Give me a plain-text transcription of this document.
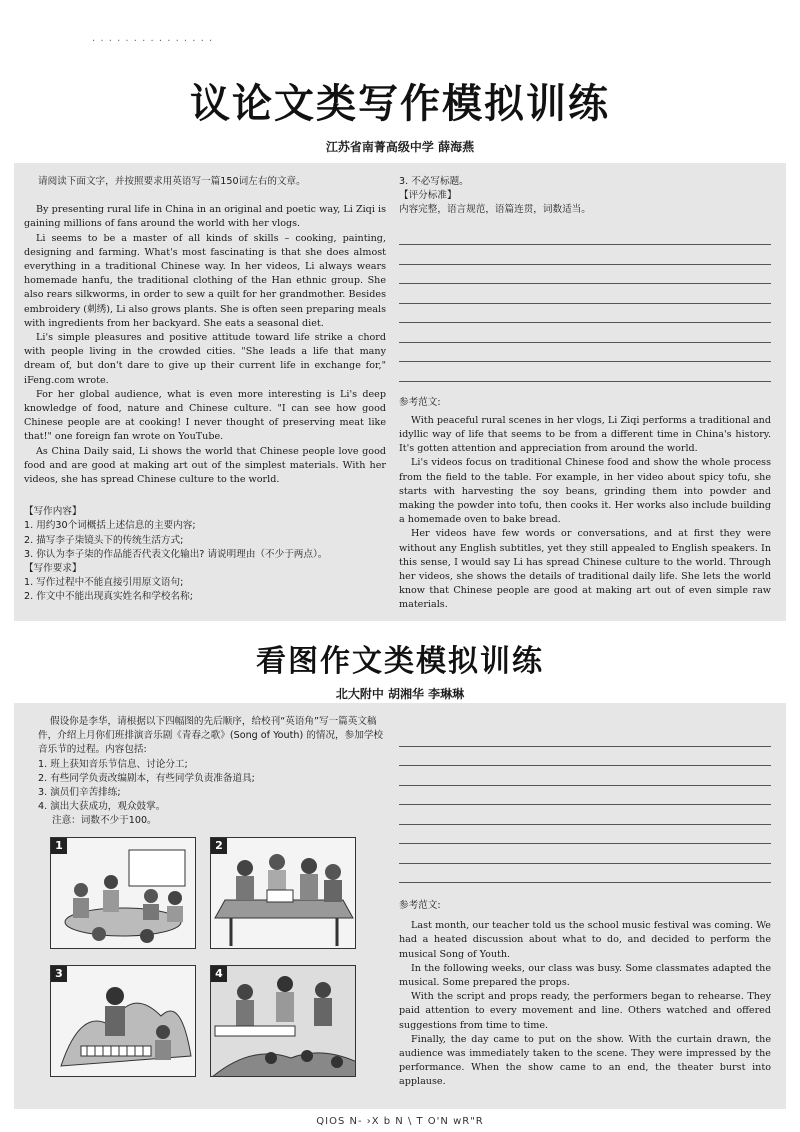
· · · · · · · · · · · · · · ·
议论文类写作模拟训练
江苏省南菁高级中学 薛海燕
请阅读下面文字，并按照要求用英语写一篇150词左右的文章。
By presenting rural life in China in an original and poetic way, Li Ziqi is gaining millions of fans around the world with her vlogs.
Li seems to be a master of all kinds of skills – cooking, painting, designing and farming. What's most fascinating is that she does almost everything in a traditional Chinese way. In her videos, Li always wears homemade hanfu, the traditional clothing of the Han ethnic group. She also rears silkworms, in order to sew a quilt for her grandmother. Besides embroidery (刺绣), Li also grows plants. She is often seen preparing meals with ingredients from her backyard. She eats a seasonal diet.
Li's simple pleasures and positive attitude toward life strike a chord with people living in the crowded cities. "She leads a life that many dream of, but don't dare to give up their current life in exchange for," iFeng.com wrote.
For her global audience, what is even more interesting is Li's deep knowledge of food, nature and Chinese culture. "I can see how good Chinese people are at cooking! I never thought of preserving meat like that!" one foreign fan wrote on YouTube.
As China Daily said, Li shows the world that Chinese people love good food and are good at making art out of the simplest materials. With her videos, she has spread Chinese culture to the world.
【写作内容】
1. 用约30个词概括上述信息的主要内容;
2. 描写李子柒镜头下的传统生活方式;
3. 你认为李子柒的作品能否代表文化输出? 请说明理由（不少于两点）。
【写作要求】
1. 写作过程中不能直接引用原文语句;
2. 作文中不能出现真实姓名和学校名称;
3. 不必写标题。
【评分标准】
内容完整，语言规范，语篇连贯，词数适当。
参考范文:
With peaceful rural scenes in her vlogs, Li Ziqi performs a traditional and idyllic way of life that seems to be from a different time in China's history. It's gotten attention and appreciation from around the world.
Li's videos focus on traditional Chinese food and show the whole process from the field to the table. For example, in her video about spicy tofu, she starts with harvesting the soy beans, grinding them into powder and making the powder into tofu, then cooks it. Her works also include building a homemade oven to bake bread.
Her videos have few words or conversations, and at first they were without any English subtitles, yet they still appealed to English speakers. In this sense, I would say Li has spread Chinese culture to the world. Through her videos, she shows the details of traditional daily life. She lets the world know that Chinese people are good at making art out of even simple raw materials.
看图作文类模拟训练
北大附中 胡湘华 李琳琳
假设你是李华，请根据以下四幅图的先后顺序，给校刊“英语角”写一篇英文稿件，介绍上月你们班排演音乐剧《青春之歌》(Song of Youth) 的情况，参加学校音乐节的过程。内容包括:
1. 班上获知音乐节信息、讨论分工;
2. 有些同学负责改编剧本，有些同学负责准备道具;
3. 演员们辛苦排练;
4. 演出大获成功，观众鼓掌。
注意：词数不少于100。
1	2
3	4
参考范文:
Last month, our teacher told us the school music festival was coming. We had a heated discussion about what to do, and decided to perform the musical Song of Youth.
In the following weeks, our class was busy. Some classmates adapted the musical. Some prepared the props.
With the script and props ready, the performers began to rehearse. They paid attention to every movement and line. Others watched and offered suggestions from time to time.
Finally, the day came to put on the show. With the curtain drawn, the audience was immediately taken to the scene. They were impressed by the performance. When the show came to an end, the theater burst into applause.
QIOS N- ›X b N \ T O'N wR"R
